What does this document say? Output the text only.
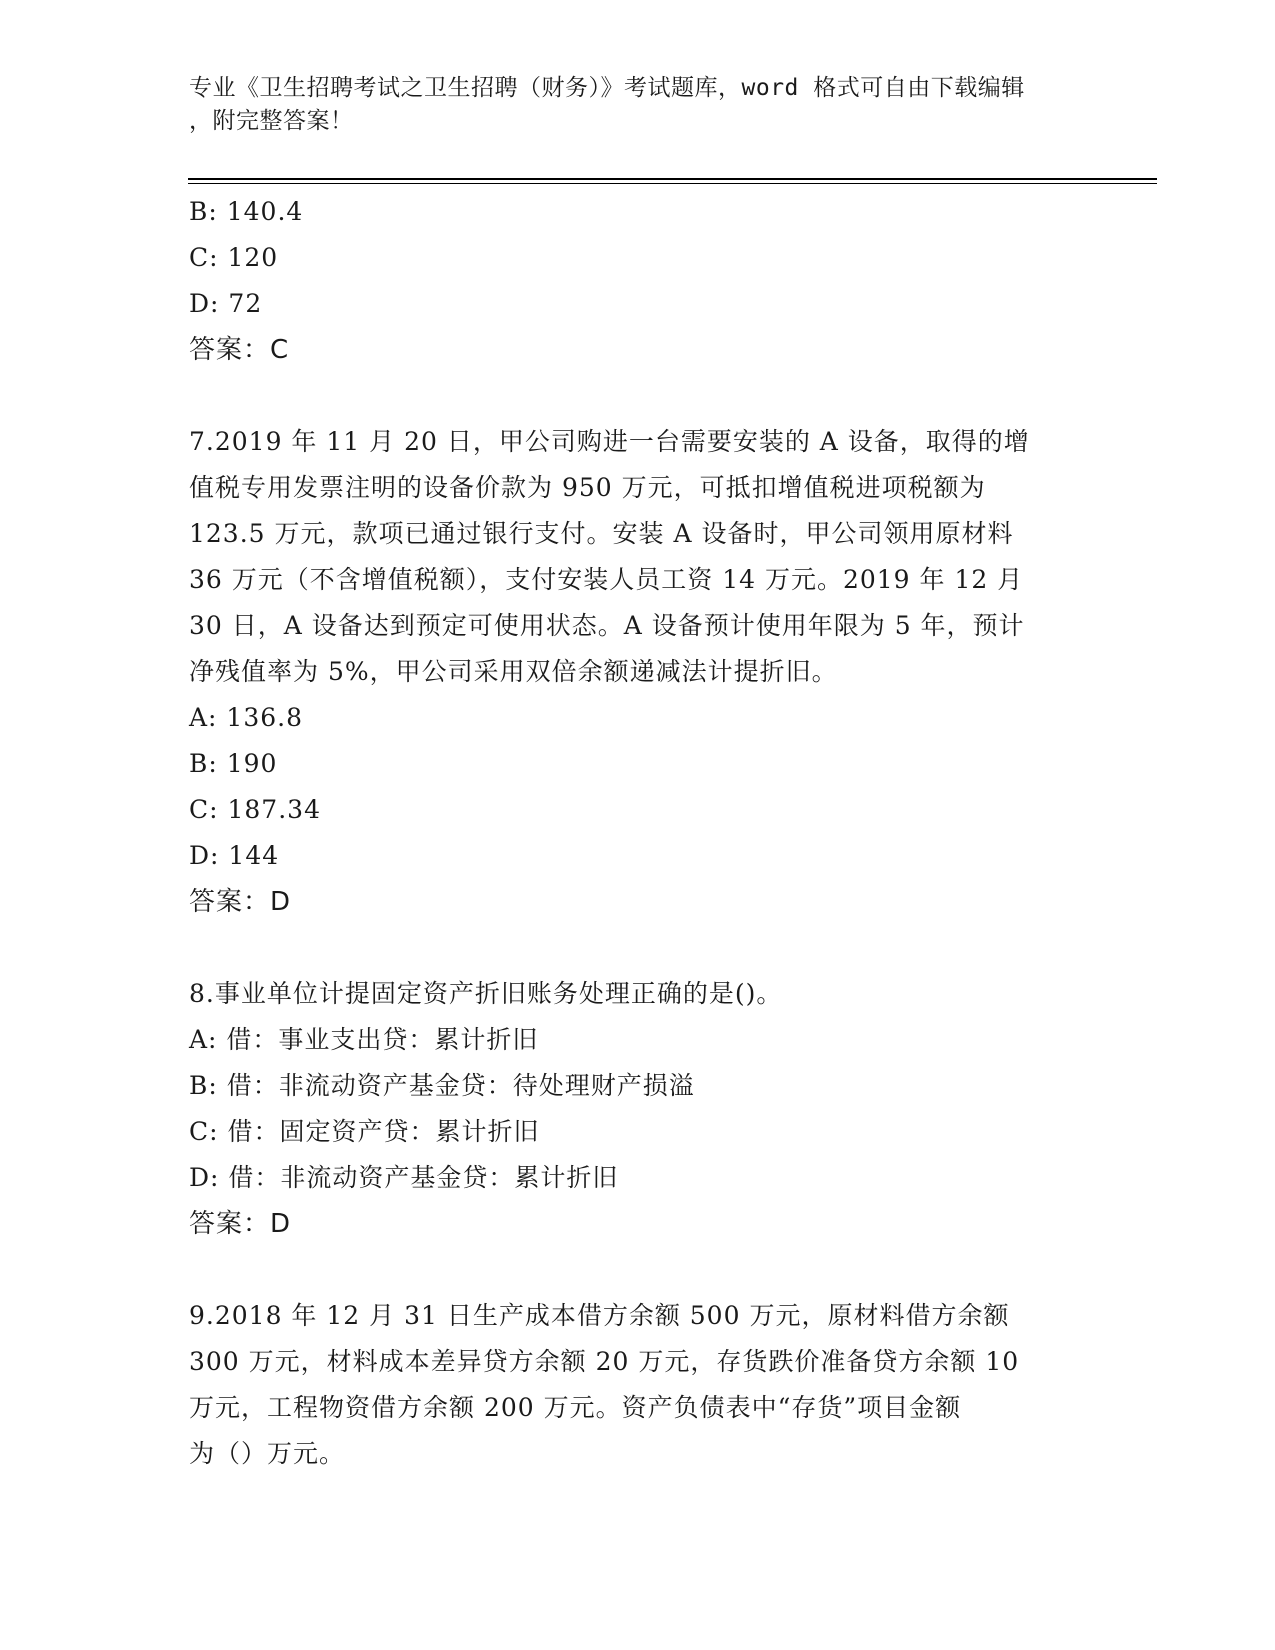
专业《卫生招聘考试之卫生招聘（财务）》考试题库，word 格式可自由下载编辑
，附完整答案！
B: 140.4
C: 120
D: 72
答案：C
7.2019 年 11 月 20 日，甲公司购进一台需要安装的 A 设备，取得的增
值税专用发票注明的设备价款为 950 万元，可抵扣增值税进项税额为
123.5 万元，款项已通过银行支付。安装 A 设备时，甲公司领用原材料
36 万元（不含增值税额），支付安装人员工资 14 万元。2019 年 12 月
30 日，A 设备达到预定可使用状态。A 设备预计使用年限为 5 年，预计
净残值率为 5%，甲公司采用双倍余额递减法计提折旧。
A: 136.8
B: 190
C: 187.34
D: 144
答案：D
8.事业单位计提固定资产折旧账务处理正确的是()。
A: 借：事业支出贷：累计折旧
B: 借：非流动资产基金贷：待处理财产损溢
C: 借：固定资产贷：累计折旧
D: 借：非流动资产基金贷：累计折旧
答案：D
9.2018 年 12 月 31 日生产成本借方余额 500 万元，原材料借方余额
300 万元，材料成本差异贷方余额 20 万元，存货跌价准备贷方余额 10
万元，工程物资借方余额 200 万元。资产负债表中“存货”项目金额
为（）万元。
